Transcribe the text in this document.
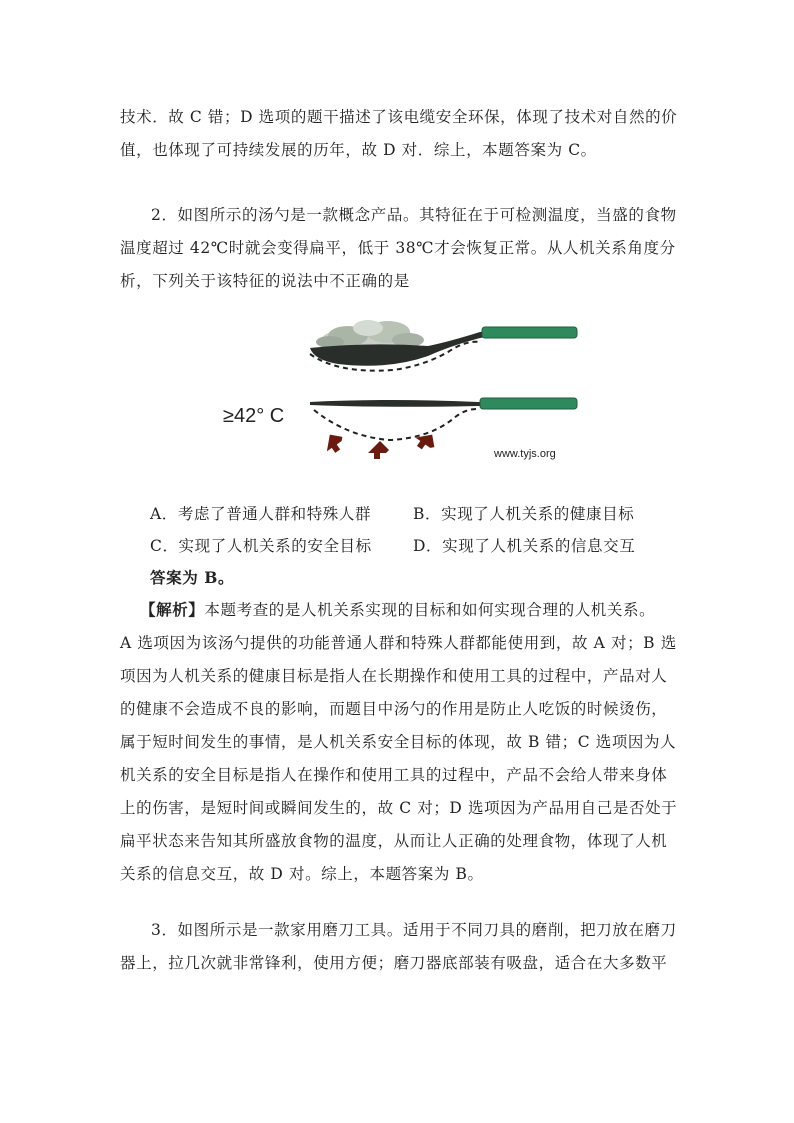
技术．故 C 错；D 选项的题干描述了该电缆安全环保，体现了技术对自然的价
值，也体现了可持续发展的历年，故 D 对．综上，本题答案为 C。
2．如图所示的汤勺是一款概念产品。其特征在于可检测温度，当盛的食物
温度超过 42℃时就会变得扁平，低于 38℃才会恢复正常。从人机关系角度分
析，下列关于该特征的说法中不正确的是
≥42° C
www.tyjs.org
A．考虑了普通人群和特殊人群	B．实现了人机关系的健康目标
C．实现了人机关系的安全目标	D．实现了人机关系的信息交互
答案为 B。
【解析】本题考查的是人机关系实现的目标和如何实现合理的人机关系。
A 选项因为该汤勺提供的功能普通人群和特殊人群都能使用到，故 A 对；B 选
项因为人机关系的健康目标是指人在长期操作和使用工具的过程中，产品对人
的健康不会造成不良的影响，而题目中汤勺的作用是防止人吃饭的时候烫伤，
属于短时间发生的事情，是人机关系安全目标的体现，故 B 错；C 选项因为人
机关系的安全目标是指人在操作和使用工具的过程中，产品不会给人带来身体
上的伤害，是短时间或瞬间发生的，故 C 对；D 选项因为产品用自己是否处于
扁平状态来告知其所盛放食物的温度，从而让人正确的处理食物，体现了人机
关系的信息交互，故 D 对。综上，本题答案为 B。
3．如图所示是一款家用磨刀工具。适用于不同刀具的磨削，把刀放在磨刀
器上，拉几次就非常锋利，使用方便；磨刀器底部装有吸盘，适合在大多数平
